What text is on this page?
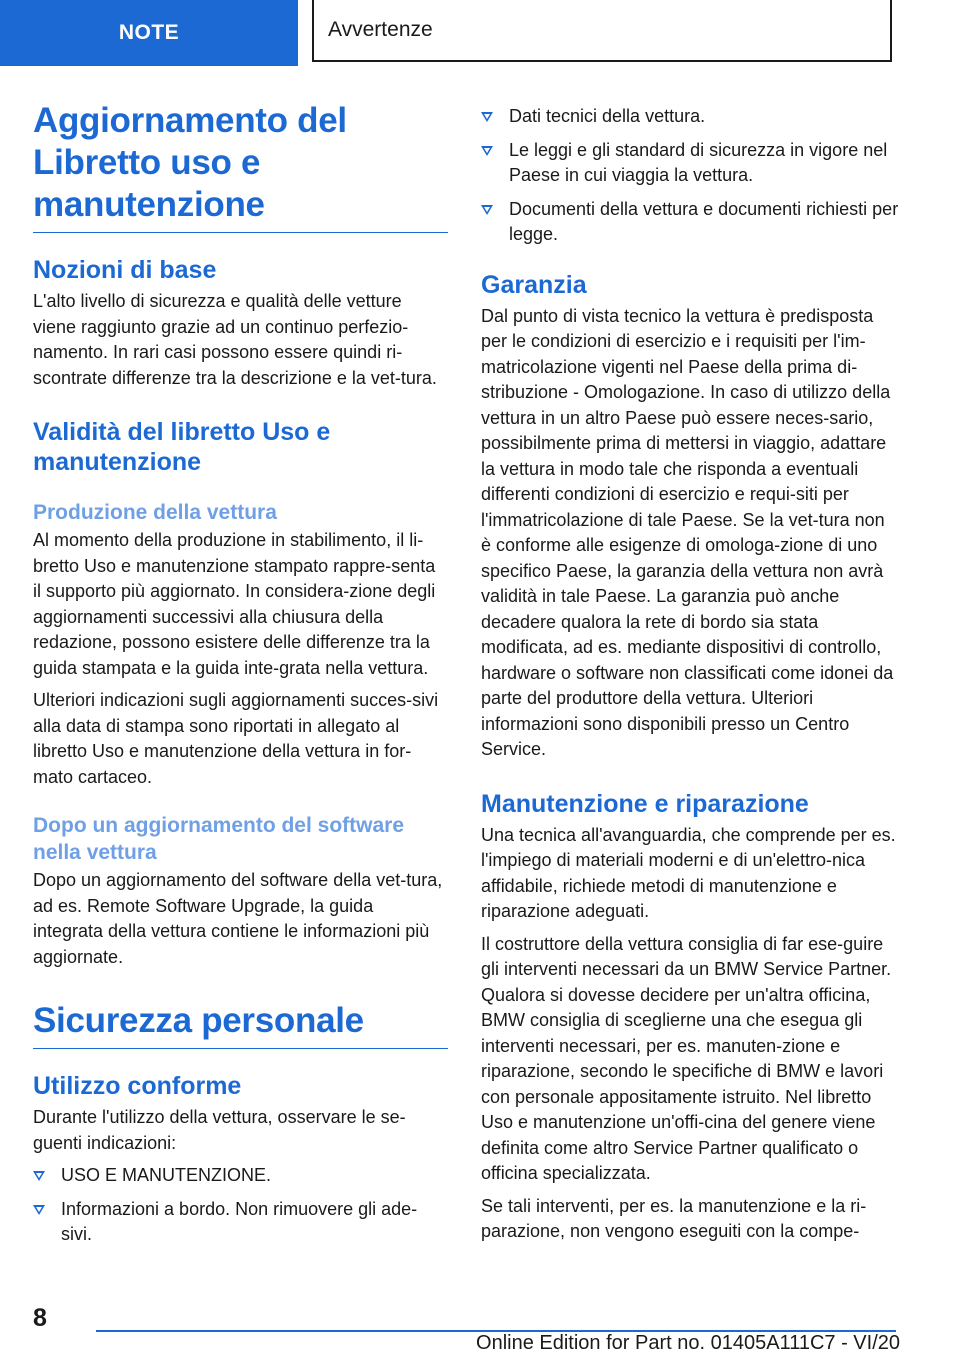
NOTE	Avvertenze
Aggiornamento del Libretto uso e manutenzione
Nozioni di base

L'alto livello di sicurezza e qualità delle vetture viene raggiunto grazie ad un continuo perfezio-namento. In rari casi possono essere quindi ri-scontrate differenze tra la descrizione e la vet-tura.

Validità del libretto Uso e manutenzione
Produzione della vettura

Al momento della produzione in stabilimento, il li-bretto Uso e manutenzione stampato rappre-senta il supporto più aggiornato. In considera-zione degli aggiornamenti successivi alla chiusura della redazione, possono esistere delle differenze tra la guida stampata e la guida inte-grata nella vettura.

Ulteriori indicazioni sugli aggiornamenti succes-sivi alla data di stampa sono riportati in allegato al libretto Uso e manutenzione della vettura in for-mato cartaceo.

Dopo un aggiornamento del software nella vettura

Dopo un aggiornamento del software della vet-tura, ad es. Remote Software Upgrade, la guida integrata della vettura contiene le informazioni più aggiornate.

Sicurezza personale
Utilizzo conforme

Durante l'utilizzo della vettura, osservare le se-guenti indicazioni:

USO E MANUTENZIONE.
Informazioni a bordo. Non rimuovere gli ade-sivi.
Dati tecnici della vettura.
Le leggi e gli standard di sicurezza in vigore nel Paese in cui viaggia la vettura.
Documenti della vettura e documenti richiesti per legge.
Garanzia

Dal punto di vista tecnico la vettura è predisposta per le condizioni di esercizio e i requisiti per l'im-matricolazione vigenti nel Paese della prima di-stribuzione - Omologazione. In caso di utilizzo della vettura in un altro Paese può essere neces-sario, possibilmente prima di mettersi in viaggio, adattare la vettura in modo tale che risponda a eventuali differenti condizioni di esercizio e requi-siti per l'immatricolazione di tale Paese. Se la vet-tura non è conforme alle esigenze di omologa-zione di uno specifico Paese, la garanzia della vettura non avrà validità in tale Paese. La garanzia può anche decadere qualora la rete di bordo sia stata modificata, ad es. mediante dispositivi di controllo, hardware o software non classificati come idonei da parte del produttore della vettura. Ulteriori informazioni sono disponibili presso un Centro Service.

Manutenzione e riparazione

Una tecnica all'avanguardia, che comprende per es. l'impiego di materiali moderni e di un'elettro-nica affidabile, richiede metodi di manutenzione e riparazione adeguati.

Il costruttore della vettura consiglia di far ese-guire gli interventi necessari da un BMW Service Partner. Qualora si dovesse decidere per un'altra officina, BMW consiglia di sceglierne una che esegua gli interventi necessari, per es. manuten-zione e riparazione, secondo le specifiche di BMW e lavori con personale appositamente istruito. Nel libretto Uso e manutenzione un'offi-cina del genere viene definita come altro Service Partner qualificato o officina specializzata.

Se tali interventi, per es. la manutenzione e la ri-parazione, non vengono eseguiti con la compe-

8
Online Edition for Part no. 01405A111C7 - VI/20
